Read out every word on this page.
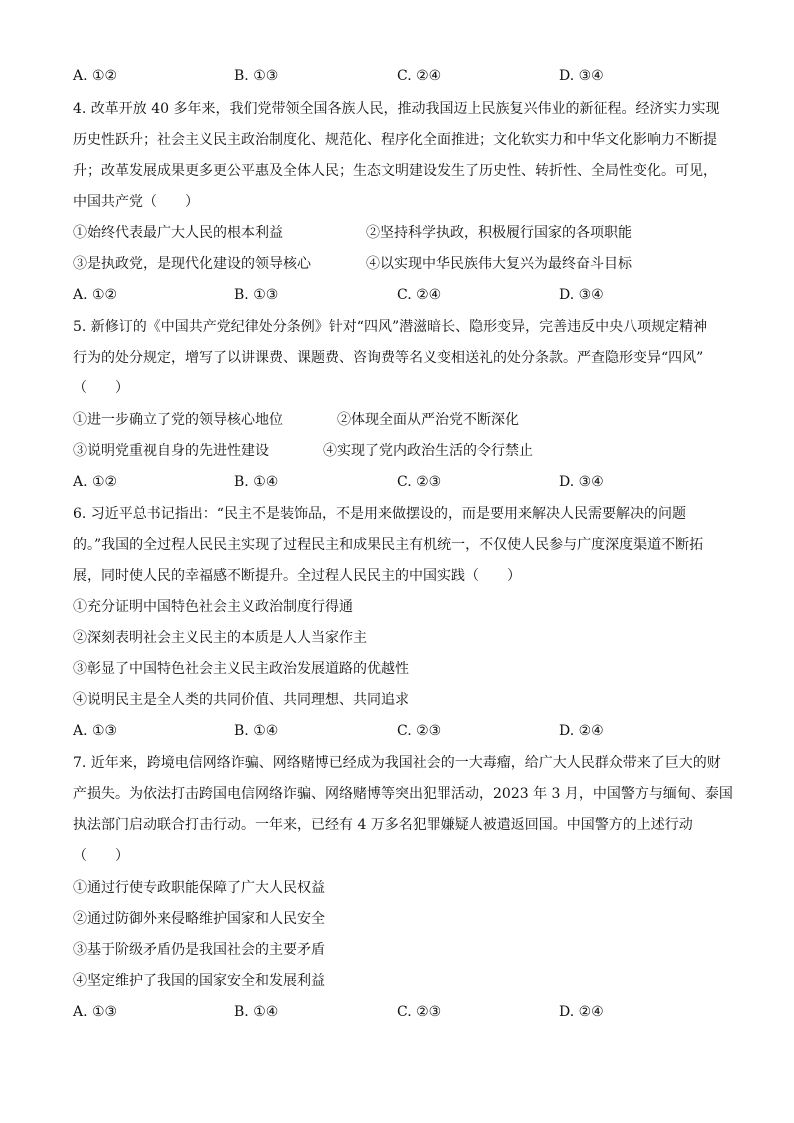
A. ①②	B. ①③	C. ②④	D. ③④
4. 改革开放 40 多年来，我们党带领全国各族人民，推动我国迈上民族复兴伟业的新征程。经济实力实现
历史性跃升；社会主义民主政治制度化、规范化、程序化全面推进；文化软实力和中华文化影响力不断提
升；改革发展成果更多更公平惠及全体人民；生态文明建设发生了历史性、转折性、全局性变化。可见，
中国共产党（　　）
①始终代表最广大人民的根本利益	②坚持科学执政，积极履行国家的各项职能
③是执政党，是现代化建设的领导核心	④以实现中华民族伟大复兴为最终奋斗目标
A. ①②	B. ①③	C. ②④	D. ③④
5. 新修订的《中国共产党纪律处分条例》针对“四风”潜滋暗长、隐形变异，完善违反中央八项规定精神
行为的处分规定，增写了以讲课费、课题费、咨询费等名义变相送礼的处分条款。严查隐形变异“四风”
（　　）
①进一步确立了党的领导核心地位	②体现全面从严治党不断深化
③说明党重视自身的先进性建设	④实现了党内政治生活的令行禁止
A. ①②	B. ①④	C. ②③	D. ③④
6. 习近平总书记指出：“民主不是装饰品，不是用来做摆设的，而是要用来解决人民需要解决的问题
的。”我国的全过程人民民主实现了过程民主和成果民主有机统一，不仅使人民参与广度深度渠道不断拓
展，同时使人民的幸福感不断提升。全过程人民民主的中国实践（　　）
①充分证明中国特色社会主义政治制度行得通
②深刻表明社会主义民主的本质是人人当家作主
③彰显了中国特色社会主义民主政治发展道路的优越性
④说明民主是全人类的共同价值、共同理想、共同追求
A. ①③	B. ①④	C. ②③	D. ②④
7. 近年来，跨境电信网络诈骗、网络赌博已经成为我国社会的一大毒瘤，给广大人民群众带来了巨大的财
产损失。为依法打击跨国电信网络诈骗、网络赌博等突出犯罪活动，2023 年 3 月，中国警方与缅甸、泰国
执法部门启动联合打击行动。一年来，已经有 4 万多名犯罪嫌疑人被遣返回国。中国警方的上述行动
（　　）
①通过行使专政职能保障了广大人民权益
②通过防御外来侵略维护国家和人民安全
③基于阶级矛盾仍是我国社会的主要矛盾
④坚定维护了我国的国家安全和发展利益
A. ①③	B. ①④	C. ②③	D. ②④
